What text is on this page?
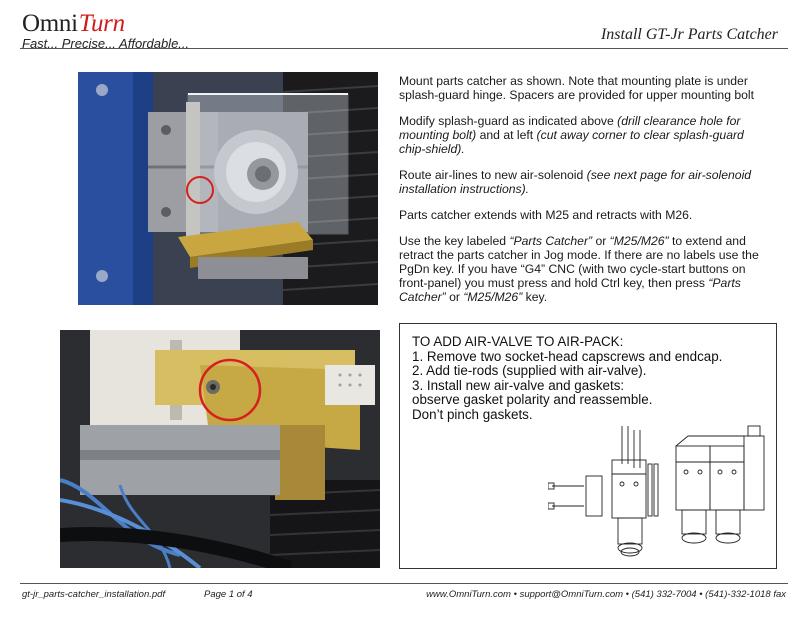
OmniTurn
Fast... Precise... Affordable...
Install GT-Jr Parts Catcher

Mount parts catcher as shown. Note that mounting plate is under splash-guard hinge. Spacers are provided for upper mounting bolt

Modify splash-guard as indicated above (drill clearance hole for mounting bolt) and at left (cut away corner to clear splash-guard chip-shield).

Route air-lines to new air-solenoid (see next page for air-solenoid installation instructions).

Parts catcher extends with M25 and retracts with M26.

Use the key labeled “Parts Catcher” or “M25/M26” to extend and retract the parts catcher in Jog mode. If there are no labels use the PgDn key. If you have “G4” CNC (with two cycle-start buttons on front-panel) you must press and hold Ctrl key, then press “Parts Catcher” or “M25/M26” key.

TO ADD AIR-VALVE TO AIR-PACK:
1. Remove two socket-head capscrews and endcap.
2. Add tie-rods (supplied with air-valve).
3. Install new air-valve and gaskets:
observe gasket polarity and reassemble.
Don’t pinch gaskets.
gt-jr_parts-catcher_installation.pdf	Page 1 of 4	www.OmniTurn.com • support@OmniTurn.com • (541) 332-7004 • (541)-332-1018 fax
